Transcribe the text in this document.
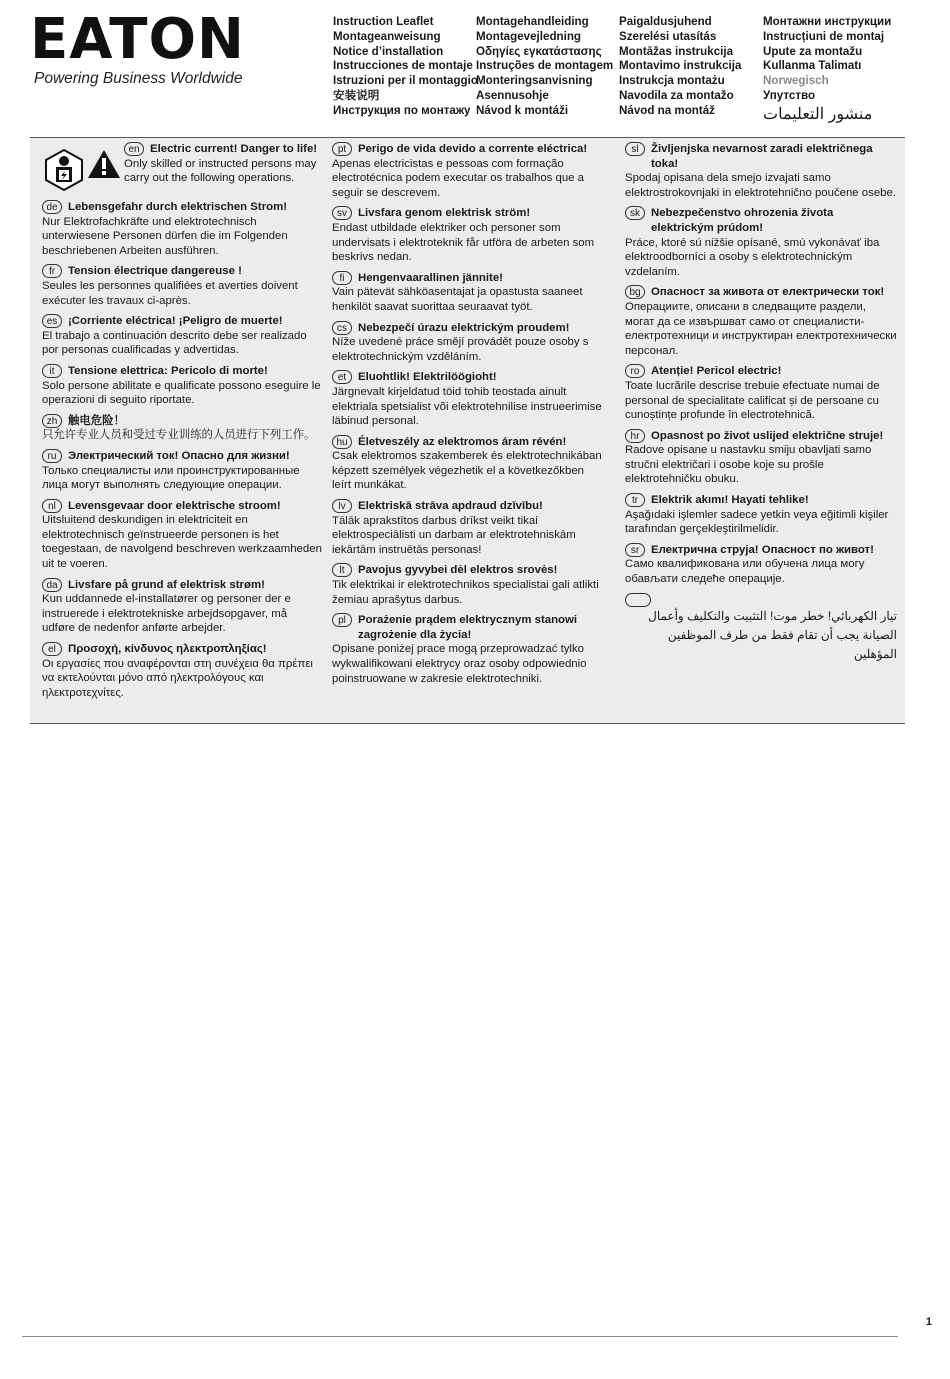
EATON
Powering Business Worldwide
Instruction Leaflet
Montageanweisung
Notice d’installation
Instrucciones de montaje
Istruzioni per il montaggio
安装说明
Инструкция по монтажу
Montagehandleiding
Montagevejledning
Οδηγίες εγκατάστασης
Instruções de montagem
Monteringsanvisning
Asennusohje
Návod k montáži
Paigaldusjuhend
Szerelési utasítás
Montāžas instrukcija
Montavimo instrukcija
Instrukcja montażu
Navodila za montažo
Návod na montáž
Монтажни инструкции
Instrucțiuni de montaj
Upute za montažu
Kullanma Talimatı
Norwegisch
Упутство
منشور التعليمات
en Electric current! Danger to life!
Only skilled or instructed persons may carry out the following operations.
de Lebensgefahr durch elektrischen Strom!
Nur Elektrofachkräfte und elektrotechnisch unterwiesene Personen dürfen die im Folgenden beschriebenen Arbeiten ausführen.
fr	Tension électrique dangereuse !
Seules les personnes qualifiées et averties doivent exécuter les travaux ci-après.
es ¡Corriente eléctrica! ¡Peligro de muerte!
El trabajo a continuación descrito debe ser realizado por personas cualificadas y advertidas.
it	Tensione elettrica: Pericolo di morte!
Solo persone abilitate e qualificate possono eseguire le operazioni di seguito riportate.
zh 触电危险！
只允许专业人员和受过专业训练的人员进行下列工作。
ru	Электрический ток! Опасно для жизни!
Только специалисты или проинструктированные лица могут выполнять следующие операции.
nl	Levensgevaar door elektrische stroom!
Uitsluitend deskundigen in elektriciteit en elektrotechnisch geïnstrueerde personen is het toegestaan, de navolgend beschreven werkzaamheden uit te voeren.
da Livsfare på grund af elektrisk strøm!
Kun uddannede el-installatører og personer der e instruerede i elektrotekniske arbejdsopgaver, må udføre de nedenfor anførte arbejder.
el	Προσοχή, κίνδυνος ηλεκτροπληξίας!
Οι εργασίες που αναφέρονται στη συνέχεια θα πρέπει να εκτελούνται μόνο από ηλεκτρολόγους και ηλεκτροτεχνίτες.
pt	Perigo de vida devido a corrente eléctrica!
Apenas electricistas e pessoas com formação electrotécnica podem executar os trabalhos que a seguir se descrevem.
sv Livsfara genom elektrisk ström!
Endast utbildade elektriker och personer som undervisats i elektroteknik får utföra de arbeten som beskrivs nedan.
fi	Hengenvaarallinen jännite!
Vain pätevät sähköasentajat ja opastusta saaneet henkilöt saavat suorittaa seuraavat työt.
cs Nebezpečí úrazu elektrickým proudem!
Níže uvedené práce smějí provádět pouze osoby s elektrotechnickým vzděláním.
et	Eluohtlik! Elektrilöögioht!
Järgnevalt kirjeldatud töid tohib teostada ainult elektriala spetsialist või elektrotehnilise instrueerimise läbinud personal.
hu Életveszély az elektromos áram révén!
Csak elektromos szakemberek és elektrotechnikában képzett személyek végezhetik el a következőkben leírt munkákat.
lv	Elektriskā strāva apdraud dzīvību!
Tālāk aprakstītos darbus drīkst veikt tikai elektrospeciālisti un darbam ar elektrotehniskām iekārtām instruētās personas!
lt	Pavojus gyvybei dėl elektros srovės!
Tik elektrikai ir elektrotechnikos specialistai gali atlikti žemiau aprašytus darbus.
pl	Porażenie prądem elektrycznym stanowi zagrożenie dla życia!
Opisane poniżej prace mogą przeprowadzać tylko wykwalifikowani elektrycy oraz osoby odpowiednio poinstruowane w zakresie elektrotechniki.
sl	Življenjska nevarnost zaradi električnega toka!
Spodaj opisana dela smejo izvajati samo elektrostrokovnjaki in elektrotehnično poučene osebe.
sk Nebezpečenstvo ohrozenia života elektrickým prúdom!
Práce, ktoré sú nižšie opísané, smú vykonávať iba elektroodborníci a osoby s elektrotechnickým vzdelaním.
bg Опасност за живота от електрически ток!
Операциите, описани в следващите раздели, могат да се извършват само от специалисти-електротехници и инструктиран електротехнически персонал.
ro	Atenție! Pericol electric!
Toate lucrările descrise trebuie efectuate numai de personal de specialitate calificat și de persoane cu cunoștințe profunde în electrotehnică.
hr	Opasnost po život uslijed električne struje!
Radove opisane u nastavku smiju obavljati samo stručni električari i osobe koje su prošle elektrotehničku obuku.
tr	Elektrik akımı! Hayati tehlike!
Aşağıdaki işlemler sadece yetkin veya eğitimli kişiler tarafından gerçekleştirilmelidir.
sr	Електрична струја! Опасност по живот!
Само квалификована или обучена лица могу обављати следеће операције.
تيار الكهربائي! خطر موت! التثبيت والتكليف وأعمال الصيانة يجب أن تقام فقط من طرف الموظفين المؤهلين
1
